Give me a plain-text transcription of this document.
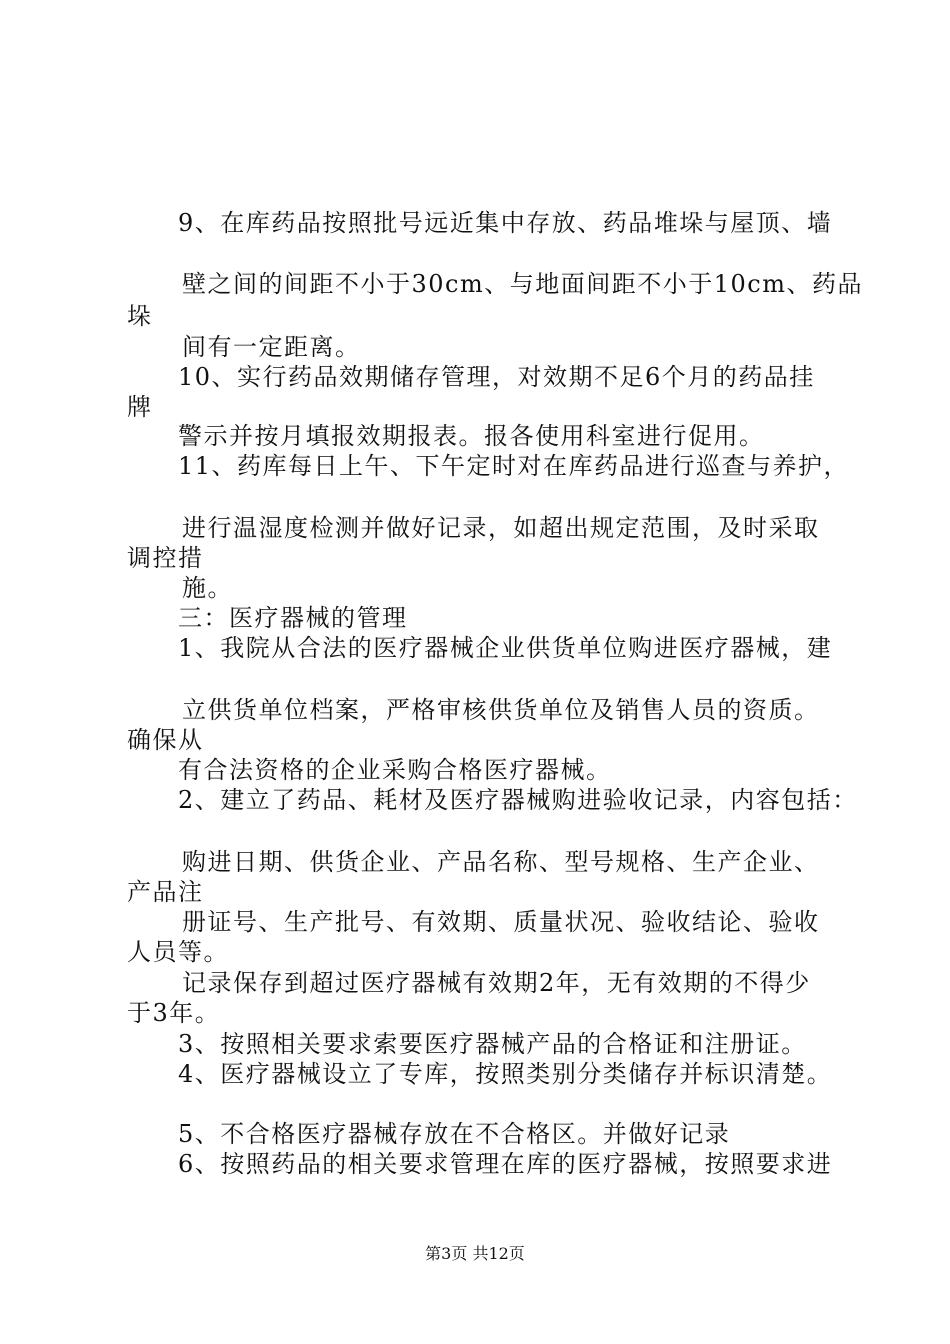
9、在库药品按照批号远近集中存放、药品堆垛与屋顶、墙
壁之间的间距不小于30cm、与地面间距不小于10cm、药品
垛
间有一定距离。
10、实行药品效期储存管理，对效期不足6个月的药品挂
牌
警示并按月填报效期报表。报各使用科室进行促用。
11、药库每日上午、下午定时对在库药品进行巡查与养护，
进行温湿度检测并做好记录，如超出规定范围，及时采取
调控措
施。
三：医疗器械的管理
1、我院从合法的医疗器械企业供货单位购进医疗器械，建
立供货单位档案，严格审核供货单位及销售人员的资质。
确保从
有合法资格的企业采购合格医疗器械。
2、建立了药品、耗材及医疗器械购进验收记录，内容包括：
购进日期、供货企业、产品名称、型号规格、生产企业、
产品注
册证号、生产批号、有效期、质量状况、验收结论、验收
人员等。
记录保存到超过医疗器械有效期2年，无有效期的不得少
于3年。
3、按照相关要求索要医疗器械产品的合格证和注册证。
4、医疗器械设立了专库，按照类别分类储存并标识清楚。
5、不合格医疗器械存放在不合格区。并做好记录
6、按照药品的相关要求管理在库的医疗器械，按照要求进
第3页 共12页
